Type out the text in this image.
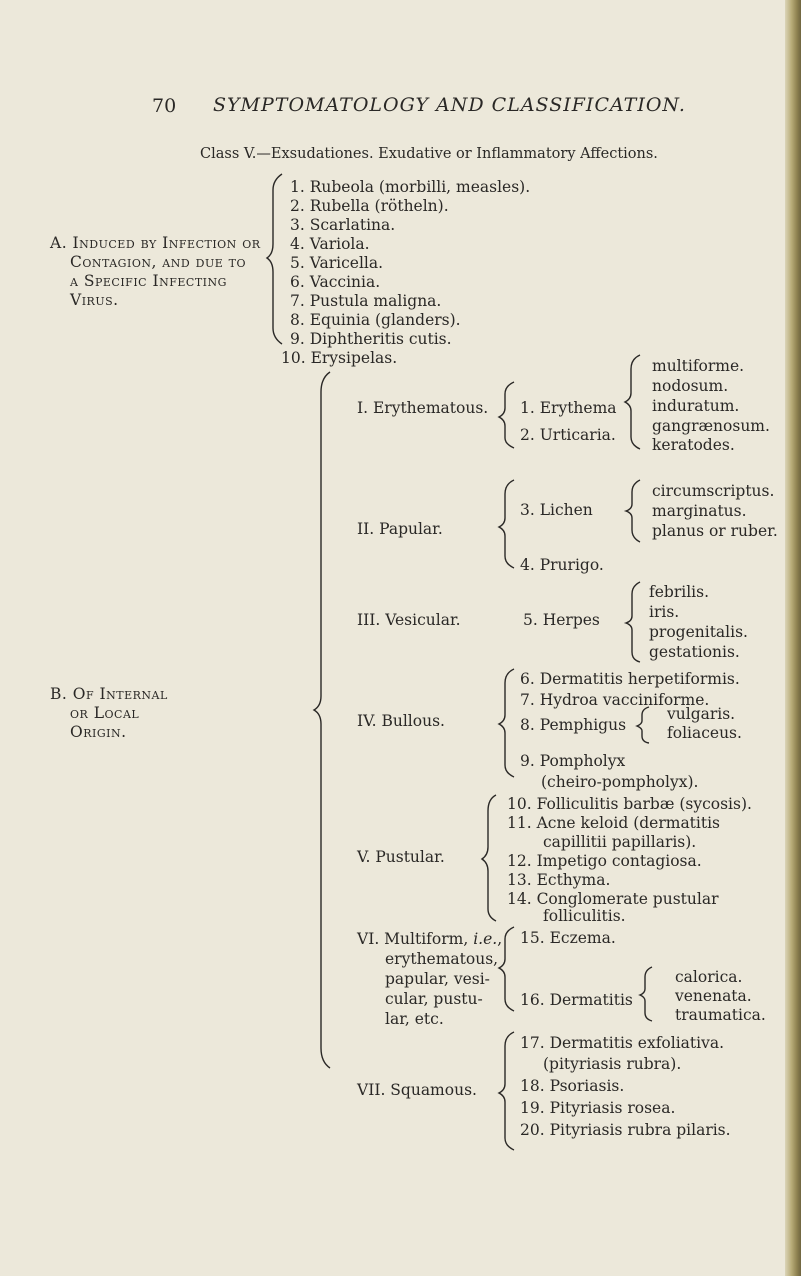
70 SYMPTOMATOLOGY AND CLASSIFICATION.
Class V.—Exsudationes. Exudative or Inflammatory Affections.
A. Induced by Infection or
Contagion, and due to
a Specific Infecting
Virus.
1. Rubeola (morbilli, measles).
2. Rubella (rötheln).
3. Scarlatina.
4. Variola.
5. Varicella.
6. Vaccinia.
7. Pustula maligna.
8. Equinia (glanders).
9. Diphtheritis cutis.
10. Erysipelas.
B. Of Internal
or Local
Origin.
I. Erythematous. 1. Erythema
2. Urticaria.
multiforme.
nodosum.
induratum.
gangrænosum.
keratodes.
II. Papular.
3. Lichen
4. Prurigo.
circumscriptus.
marginatus.
planus or ruber.
III. Vesicular.	5. Herpes
febrilis.
iris.
progenitalis.
gestationis.
IV. Bullous.
6. Dermatitis herpetiformis.
7. Hydroa vacciniforme.
8. Pemphigus
vulgaris.
foliaceus.
9. Pompholyx
(cheiro-pompholyx).
V. Pustular.
10. Folliculitis barbæ (sycosis).
11. Acne keloid (dermatitis
capillitii papillaris).
12. Impetigo contagiosa.
13. Ecthyma.
14. Conglomerate pustular
folliculitis.
VI. Multiform, i.e.,
erythematous,
papular, vesi-
cular, pustu-
lar, etc.
15. Eczema.
16. Dermatitis
calorica.
venenata.
traumatica.
VII. Squamous.
17. Dermatitis exfoliativa.
(pityriasis rubra).
18. Psoriasis.
19. Pityriasis rosea.
20. Pityriasis rubra pilaris.
